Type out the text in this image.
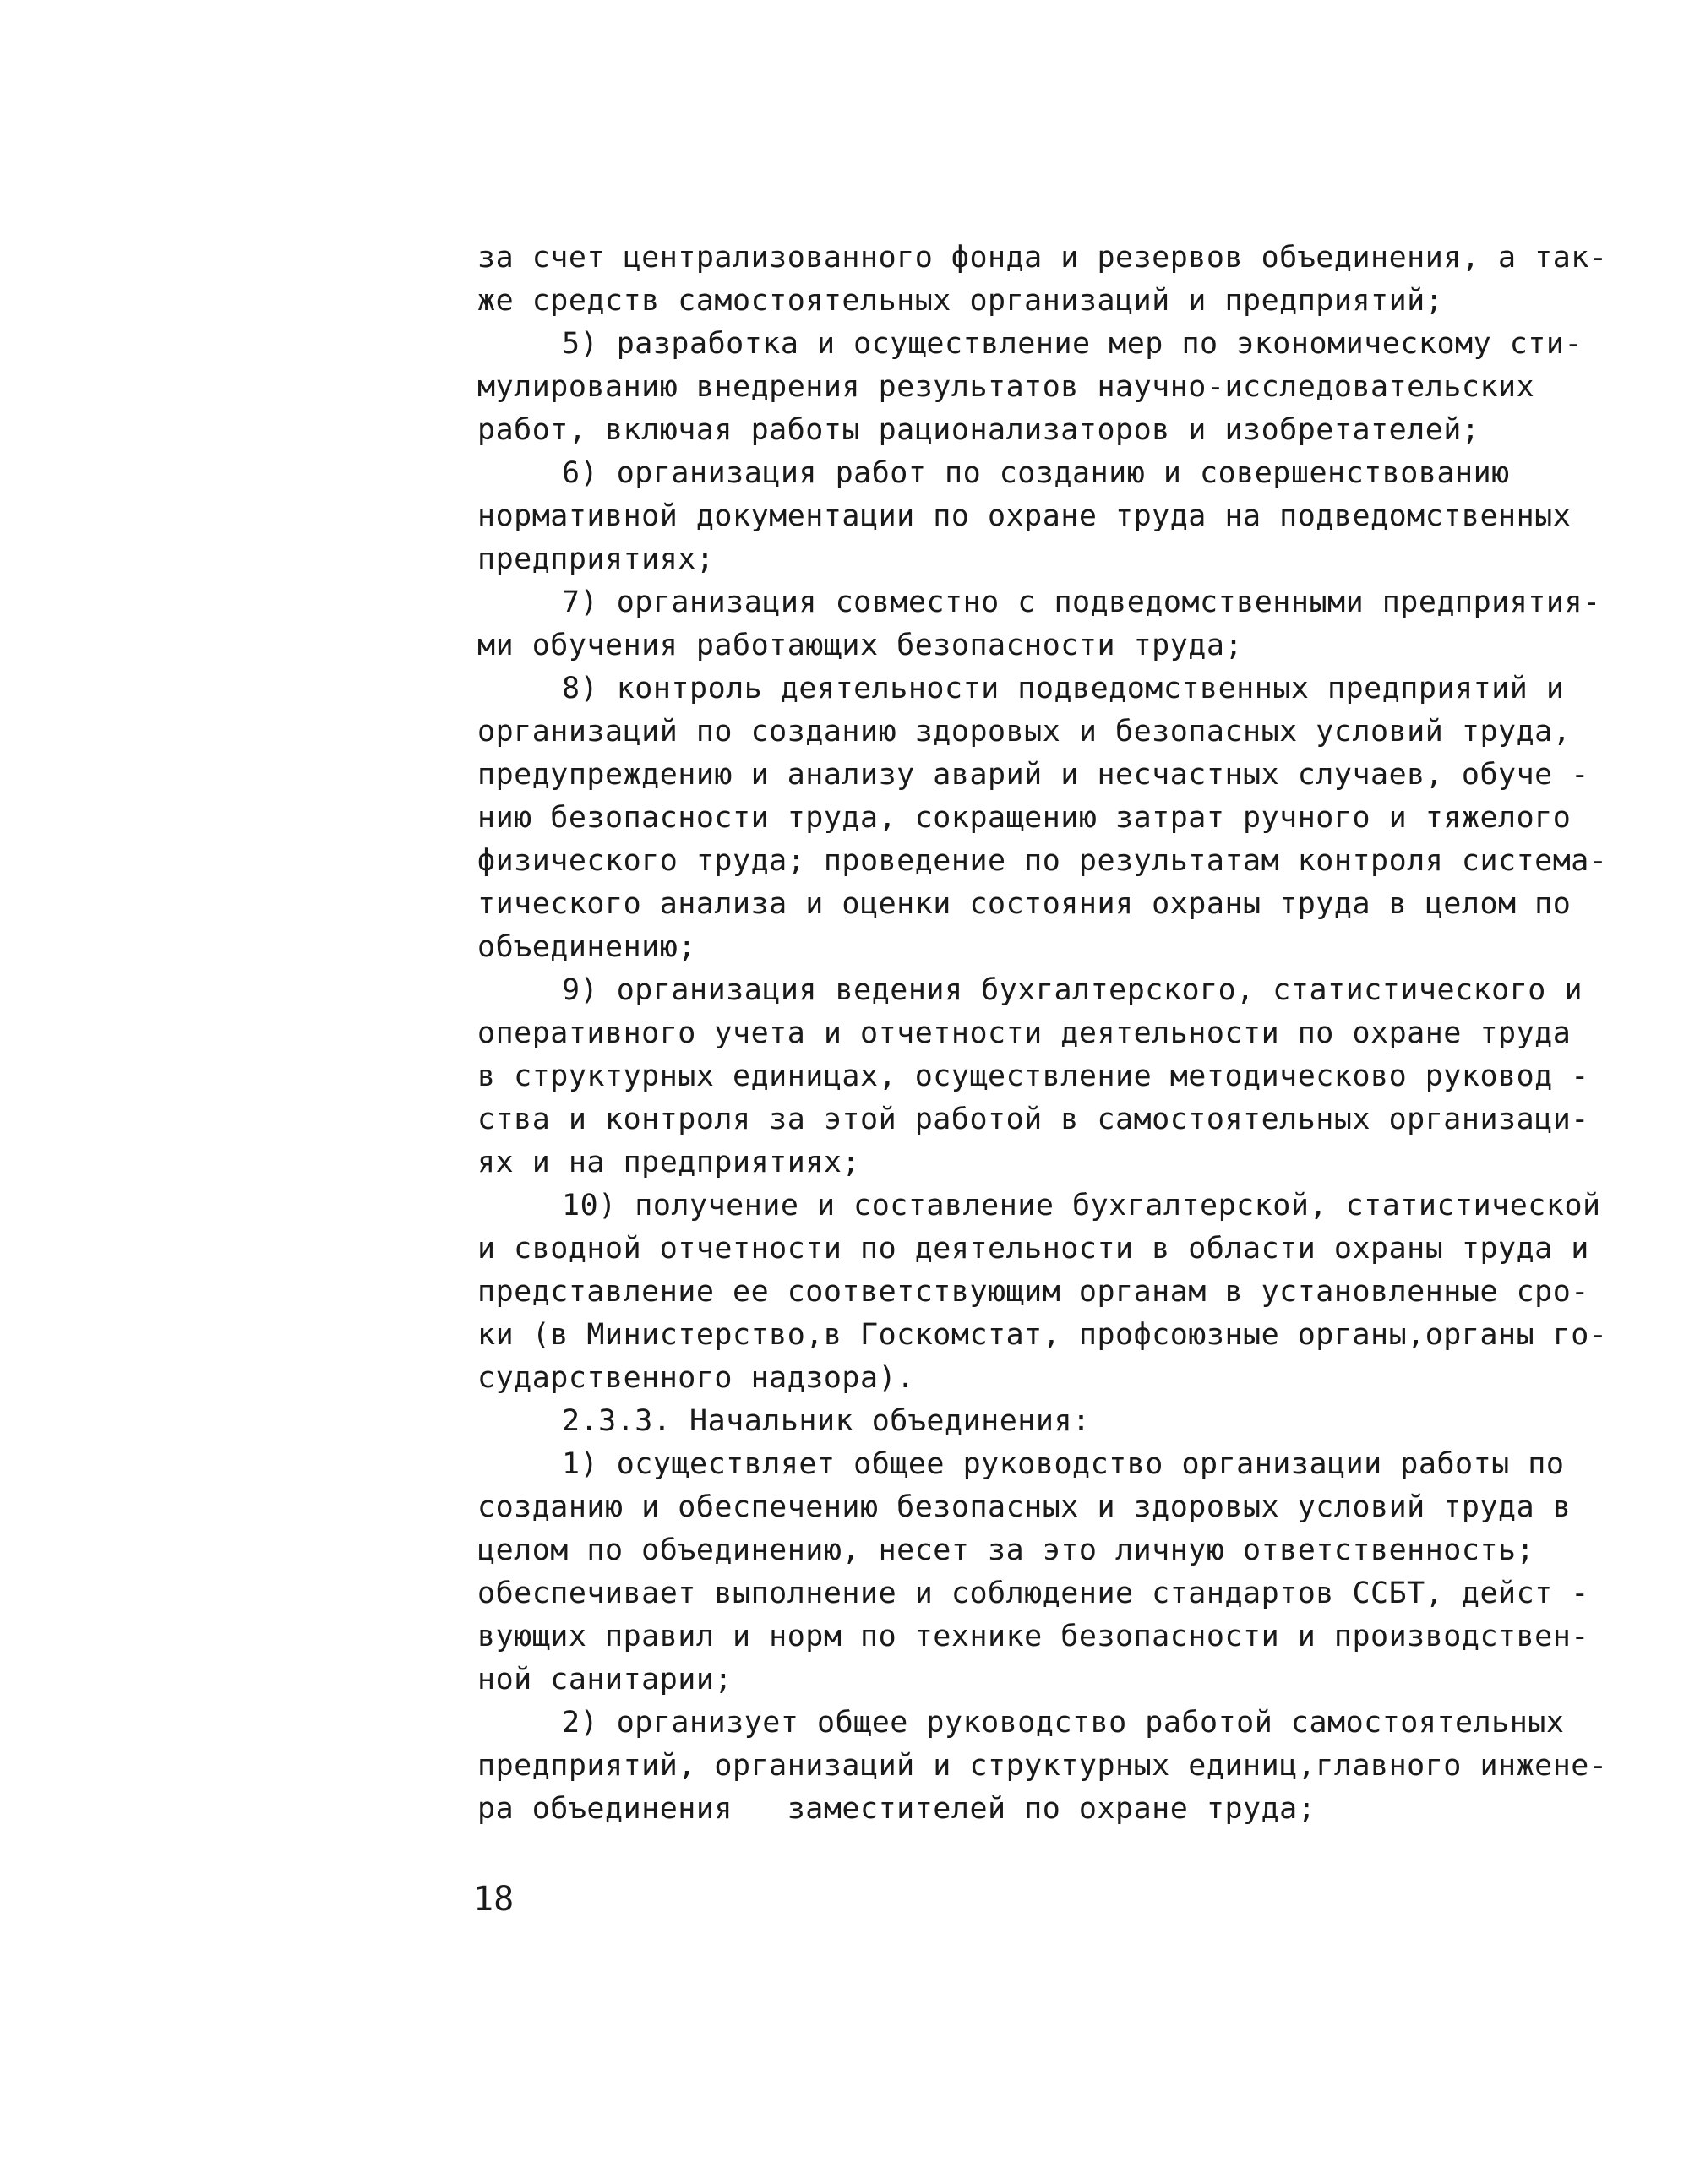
за счет централизованного фонда и резервов объединения, а так-
же средств самостоятельных организаций и предприятий;
5) разработка и осуществление мер по экономическому сти-
мулированию внедрения результатов научно-исследовательских
работ, включая работы рационализаторов и изобретателей;
6) организация работ по созданию и совершенствованию
нормативной документации по охране труда на подведомственных
предприятиях;
7) организация совместно с подведомственными предприятия-
ми обучения работающих безопасности труда;
8) контроль деятельности подведомственных предприятий и
организаций по созданию здоровых и безопасных условий труда,
предупреждению и анализу аварий и несчастных случаев, обуче -
нию безопасности труда, сокращению затрат ручного и тяжелого
физического труда; проведение по результатам контроля система-
тического анализа и оценки состояния охраны труда в целом по
объединению;
9) организация ведения бухгалтерского, статистического и
оперативного учета и отчетности деятельности по охране труда
в структурных единицах, осуществление методическово руковод -
ства и контроля за этой работой в самостоятельных организаци-
ях и на предприятиях;
10) получение и составление бухгалтерской, статистической
и сводной отчетности по деятельности в области охраны труда и
представление ее соответствующим органам в установленные сро-
ки (в Министерство,в Госкомстат, профсоюзные органы,органы го-
сударственного надзора).
2.3.3. Начальник объединения:
1) осуществляет общее руководство организации работы по
созданию и обеспечению безопасных и здоровых условий труда в
целом по объединению, несет за это личную ответственность;
обеспечивает выполнение и соблюдение стандартов ССБТ, дейст -
вующих правил и норм по технике безопасности и производствен-
ной санитарии;
2) организует общее руководство работой самостоятельных
предприятий, организаций и структурных единиц,главного инжене-
ра объединения   заместителей по охране труда;
18
